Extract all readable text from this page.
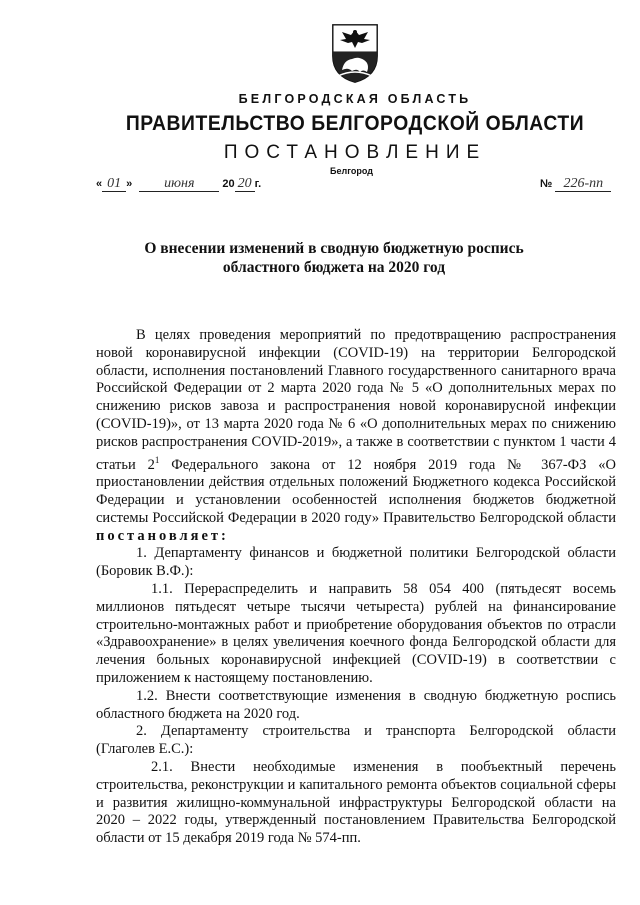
БЕЛГОРОДСКАЯ ОБЛАСТЬ
ПРАВИТЕЛЬСТВО БЕЛГОРОДСКОЙ ОБЛАСТИ
ПОСТАНОВЛЕНИЕ
Белгород
« 01 » июня	20 20 г.	№ 226-пп
О внесении изменений в сводную бюджетную роспись
областного бюджета на 2020 год

В целях проведения мероприятий по предотвращению распространения новой коронавирусной инфекции (COVID-19) на территории Белгородской области, исполнения постановлений Главного государственного санитарного врача Российской Федерации от 2 марта 2020 года № 5 «О дополнительных мерах по снижению рисков завоза и распространения новой коронавирусной инфекции (COVID-19)», от 13 марта 2020 года № 6 «О дополнительных мерах по снижению рисков распространения COVID-2019», а также в соответствии с пунктом 1 части 4 статьи $2^1$ Федерального закона от 12 ноября 2019 года № 367-ФЗ «О приостановлении действия отдельных положений Бюджетного кодекса Российской Федерации и установлении особенностей исполнения бюджетов бюджетной системы Российской Федерации в 2020 году» Правительство Белгородской области постановляет:

1. Департаменту финансов и бюджетной политики Белгородской области (Боровик В.Ф.):

1.1. Перераспределить и направить 58 054 400 (пятьдесят восемь миллионов пятьдесят четыре тысячи четыреста) рублей на финансирование строительно-монтажных работ и приобретение оборудования объектов по отрасли «Здравоохранение» в целях увеличения коечного фонда Белгородской области для лечения больных коронавирусной инфекцией (COVID-19) в соответствии с приложением к настоящему постановлению.

1.2. Внести соответствующие изменения в сводную бюджетную роспись областного бюджета на 2020 год.

2. Департаменту строительства и транспорта Белгородской области (Глаголев Е.С.):

2.1. Внести необходимые изменения в пообъектный перечень строительства, реконструкции и капитального ремонта объектов социальной сферы и развития жилищно-коммунальной инфраструктуры Белгородской области на 2020 – 2022 годы, утвержденный постановлением Правительства Белгородской области от 15 декабря 2019 года № 574-пп.
